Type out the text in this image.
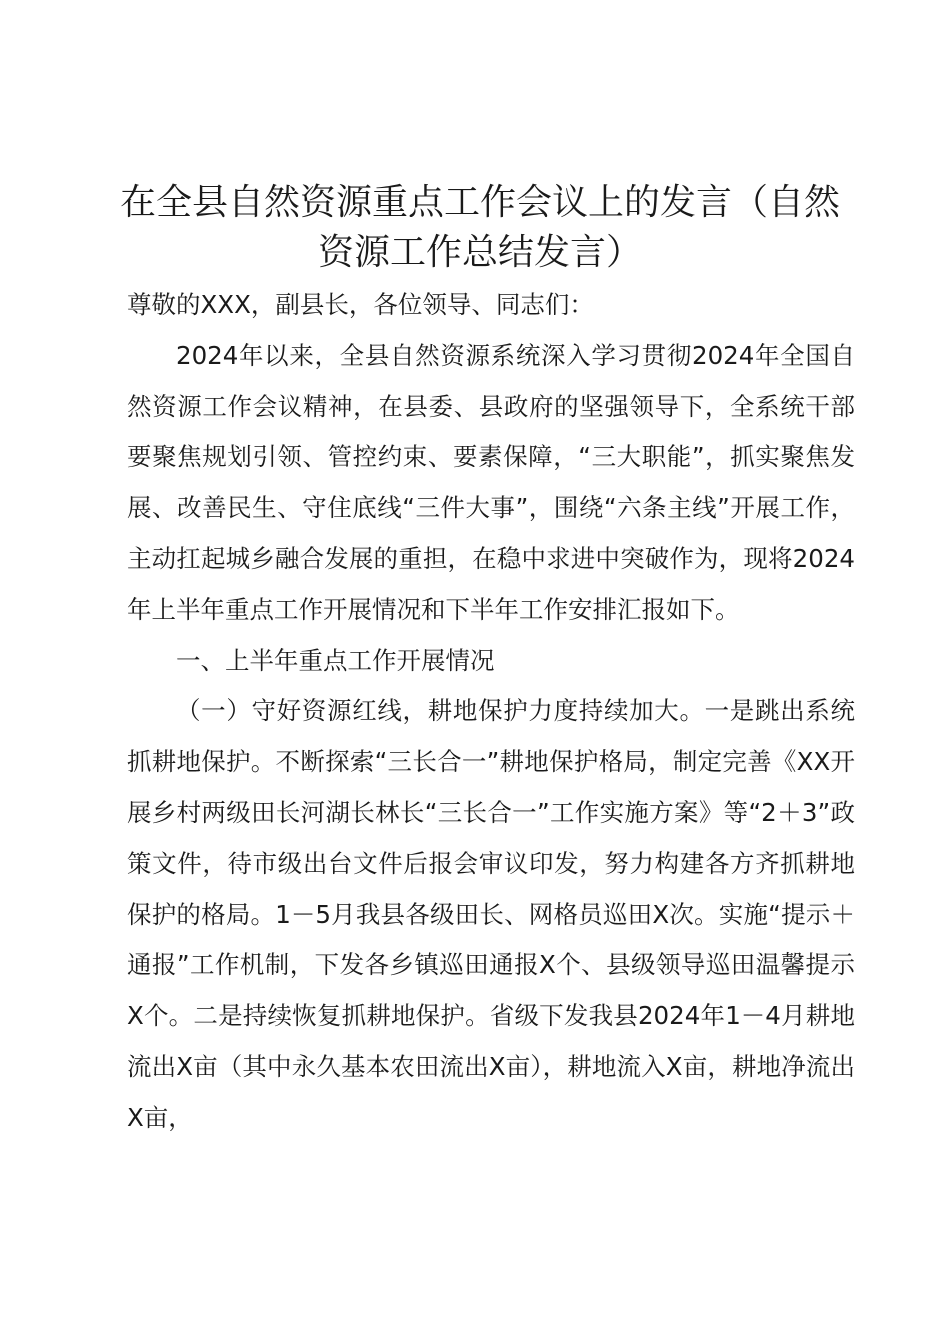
在全县自然资源重点工作会议上的发言（自然资源工作总结发言）

尊敬的XXX，副县长，各位领导、同志们：

2024年以来，全县自然资源系统深入学习贯彻2024年全国自然资源工作会议精神，在县委、县政府的坚强领导下，全系统干部要聚焦规划引领、管控约束、要素保障，“三大职能”，抓实聚焦发展、改善民生、守住底线“三件大事”，围绕“六条主线”开展工作，主动扛起城乡融合发展的重担，在稳中求进中突破作为，现将2024年上半年重点工作开展情况和下半年工作安排汇报如下。

一、上半年重点工作开展情况

（一）守好资源红线，耕地保护力度持续加大。一是跳出系统抓耕地保护。不断探索“三长合一”耕地保护格局，制定完善《XX开展乡村两级田长河湖长林长“三长合一”工作实施方案》等“2＋3”政策文件，待市级出台文件后报会审议印发，努力构建各方齐抓耕地保护的格局。1－5月我县各级田长、网格员巡田X次。实施“提示＋通报”工作机制，下发各乡镇巡田通报X个、县级领导巡田温馨提示X个。二是持续恢复抓耕地保护。省级下发我县2024年1－4月耕地流出X亩（其中永久基本农田流出X亩），耕地流入X亩，耕地净流出X亩，
